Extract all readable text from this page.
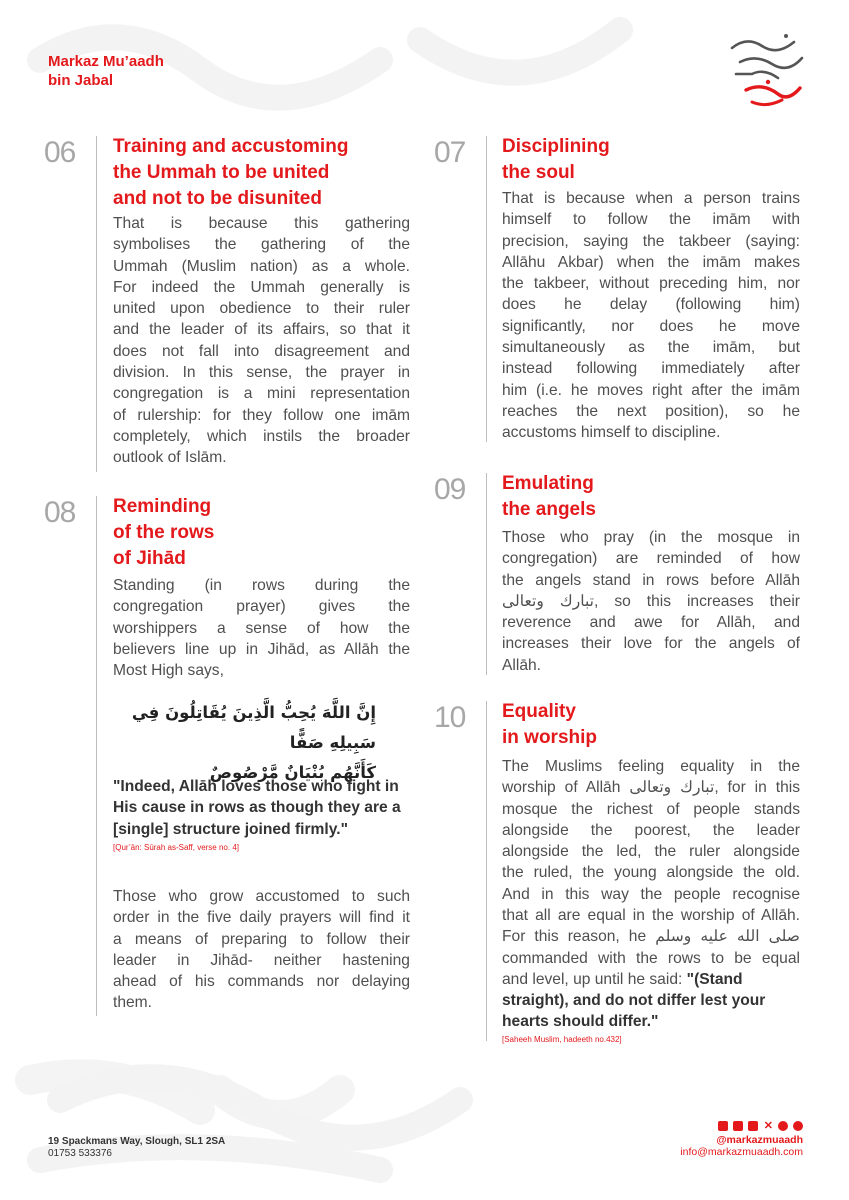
Markaz Mu’aadh
bin Jabal
06 Training and accustoming
the Ummah to be united
and not to be disunited
That is because this gathering
symbolises the gathering of the
Ummah (Muslim nation) as a whole.
For indeed the Ummah generally is
united upon obedience to their ruler
and the leader of its affairs, so that it
does not fall into disagreement and
division. In this sense, the prayer in
congregation is a mini representation
of rulership: for they follow one imām
completely, which instils the broader
outlook of Islām.
07 Disciplining
the soul
That is because when a person trains
himself to follow the imām with
precision, saying the takbeer (saying:
Allāhu Akbar) when the imām makes
the takbeer, without preceding him, nor
does he delay (following him)
significantly, nor does he move
simultaneously as the imām, but
instead following immediately after
him (i.e. he moves right after the imām
reaches the next position), so he
accustoms himself to discipline.
08 Reminding
of the rows
of Jihād
Standing (in rows during the
congregation prayer) gives the
worshippers a sense of how the
believers line up in Jihād, as Allāh the
Most High says,
إِنَّ اللَّهَ يُحِبُّ الَّذِينَ يُقَاتِلُونَ فِي سَبِيلِهِ صَفًّا
كَأَنَّهُم بُنْيَانٌ مَّرْصُوصٌ
"Indeed, Allāh loves those who fight in
His cause in rows as though they are a
[single] structure joined firmly."
[Qur’ān: Sūrah as-Saff, verse no. 4]
Those who grow accustomed to such
order in the five daily prayers will find it
a means of preparing to follow their
leader in Jihād- neither hastening
ahead of his commands nor delaying
them.
09 Emulating
the angels
Those who pray (in the mosque in
congregation) are reminded of how
the angels stand in rows before Allāh
تبارك وتعالى, so this increases their
reverence and awe for Allāh, and
increases their love for the angels of
Allāh.
10 Equality
in worship
The Muslims feeling equality in the
worship of Allāh تبارك وتعالى, for in this
mosque the richest of people stands
alongside the poorest, the leader
alongside the led, the ruler alongside
the ruled, the young alongside the old.
And in this way the people recognise
that all are equal in the worship of Allāh.
For this reason, he صلى الله عليه وسلم
commanded with the rows to be equal
and level, up until he said: "(Stand
straight), and do not differ lest your
hearts should differ."
[Saheeh Muslim, hadeeth no.432]
19 Spackmans Way, Slough, SL1 2SA
01753 533376
✕
@markazmuaadh
info@markazmuaadh.com
